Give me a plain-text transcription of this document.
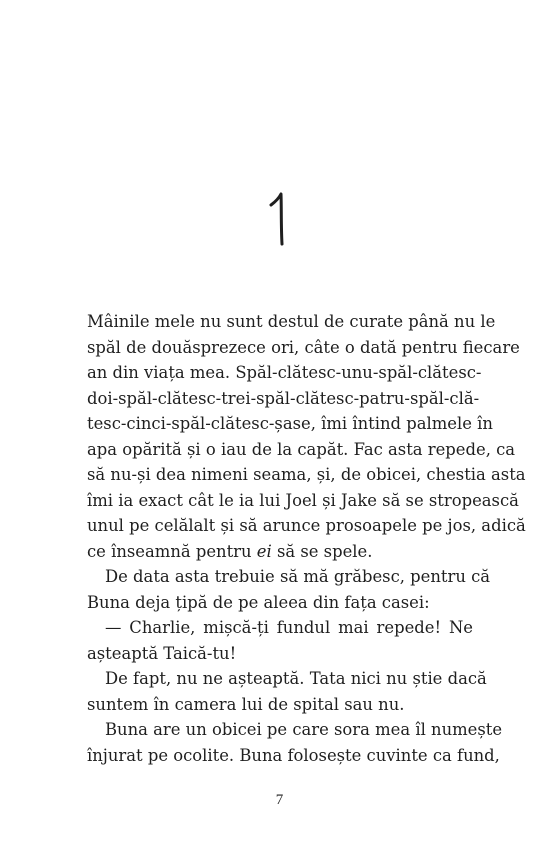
Mâinile mele nu sunt destul de curate până nu le
spăl de douăsprezece ori, câte o dată pentru fiecare
an din viața mea. Spăl-clătesc-unu-spăl-clătesc-
doi-spăl-clătesc-trei-spăl-clătesc-patru-spăl-clă-
tesc-cinci-spăl-clătesc-șase, îmi întind palmele în
apa opărită și o iau de la capăt. Fac asta repede, ca
să nu-și dea nimeni seama, și, de obicei, chestia asta
îmi ia exact cât le ia lui Joel și Jake să se stropească
unul pe celălalt și să arunce prosoapele pe jos, adică
ce înseamnă pentru ei să se spele.
De data asta trebuie să mă grăbesc, pentru că
Buna deja țipă de pe aleea din fața casei:
— Charlie, mișcă-ți fundul mai repede! Ne
așteaptă Taică-tu!
De fapt, nu ne așteaptă. Tata nici nu știe dacă
suntem în camera lui de spital sau nu.
Buna are un obicei pe care sora mea îl numește
înjurat pe ocolite. Buna folosește cuvinte ca fund,
7
